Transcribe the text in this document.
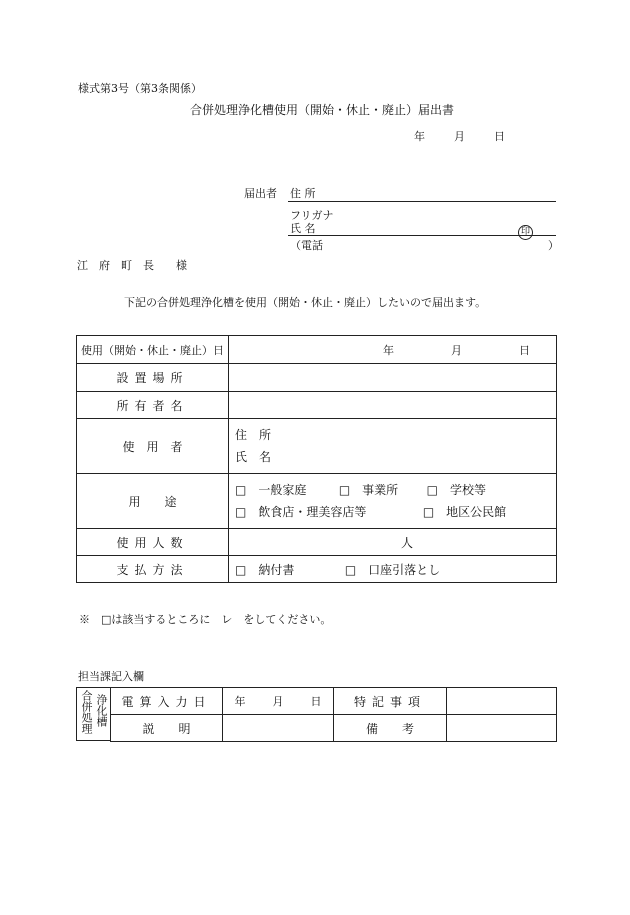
様式第3号（第3条関係）
合併処理浄化槽使用（開始・休止・廃止）届出書
年	月	日
届出者 住 所
フリガナ
氏 名	印
（電話	）
江　府　町　長　　様
下記の合併処理浄化槽を使用（開始・休止・廃止）したいので届出ます。
使用（開始・休止・廃止）日	年 月 日
設置場所	
所有者名	
使　用　者	住　所
氏　名

用　　途	□　一般家庭 □　事業所 □　学校等
□　飲食店・理美容店等 □　地区公民館

使用人数	人
支払方法	□　納付書 □　口座引落とし
※　□は該当するところに　レ　をしてください。
担当課記入欄
合併処理 浄化槽 電算入力日	年 月 日	特記事項	
説　　明		備　　考	
